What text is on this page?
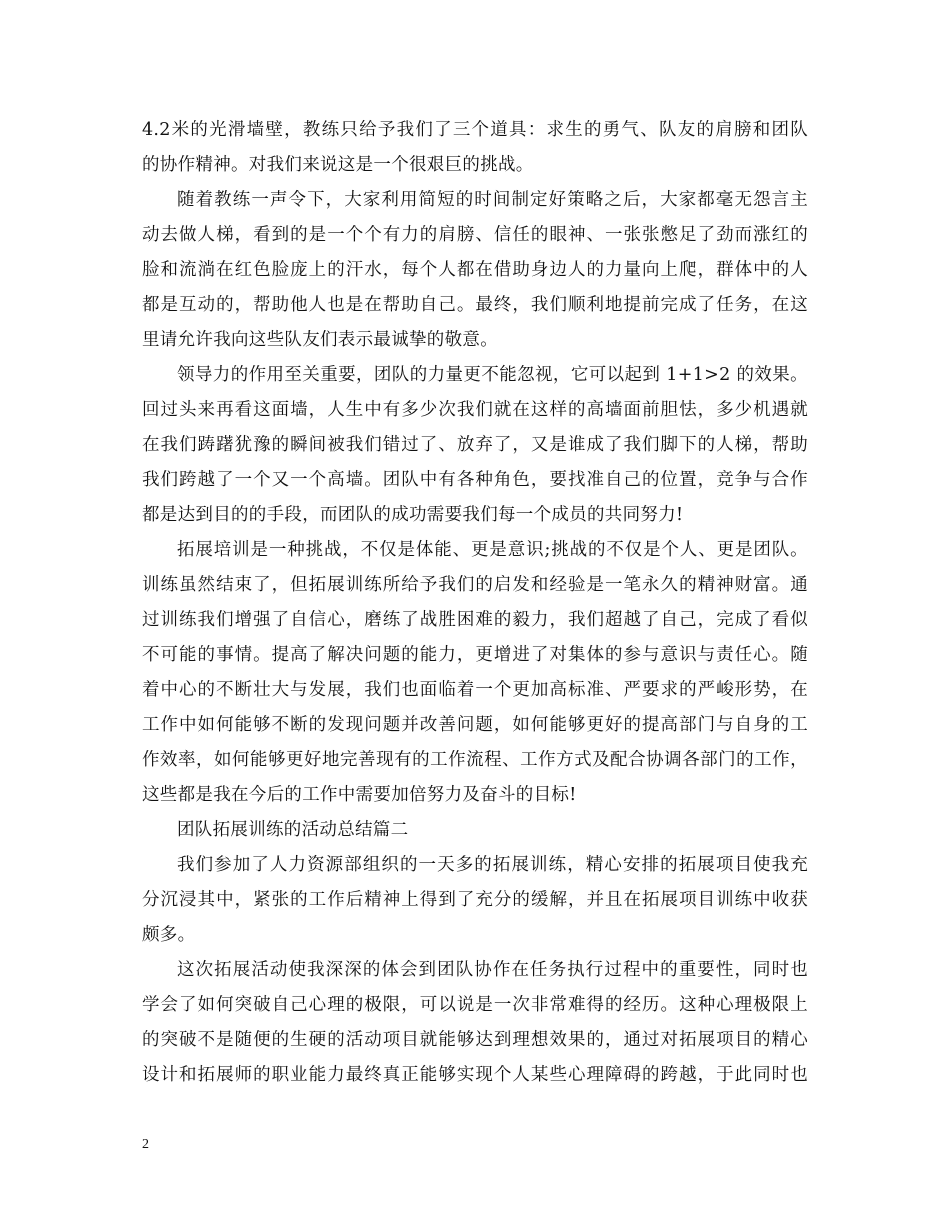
4.2米的光滑墙壁，教练只给予我们了三个道具：求生的勇气、队友的肩膀和团队
的协作精神。对我们来说这是一个很艰巨的挑战。
随着教练一声令下，大家利用简短的时间制定好策略之后，大家都毫无怨言主
动去做人梯，看到的是一个个有力的肩膀、信任的眼神、一张张憋足了劲而涨红的
脸和流淌在红色脸庞上的汗水，每个人都在借助身边人的力量向上爬，群体中的人
都是互动的，帮助他人也是在帮助自己。最终，我们顺利地提前完成了任务，在这
里请允许我向这些队友们表示最诚挚的敬意。
领导力的作用至关重要，团队的力量更不能忽视，它可以起到 1+1>2 的效果。
回过头来再看这面墙，人生中有多少次我们就在这样的高墙面前胆怯，多少机遇就
在我们踌躇犹豫的瞬间被我们错过了、放弃了，又是谁成了我们脚下的人梯，帮助
我们跨越了一个又一个高墙。团队中有各种角色，要找准自己的位置，竞争与合作
都是达到目的的手段，而团队的成功需要我们每一个成员的共同努力!
拓展培训是一种挑战，不仅是体能、更是意识;挑战的不仅是个人、更是团队。
训练虽然结束了，但拓展训练所给予我们的启发和经验是一笔永久的精神财富。通
过训练我们增强了自信心，磨练了战胜困难的毅力，我们超越了自己，完成了看似
不可能的事情。提高了解决问题的能力，更增进了对集体的参与意识与责任心。随
着中心的不断壮大与发展，我们也面临着一个更加高标准、严要求的严峻形势，在
工作中如何能够不断的发现问题并改善问题，如何能够更好的提高部门与自身的工
作效率，如何能够更好地完善现有的工作流程、工作方式及配合协调各部门的工作，
这些都是我在今后的工作中需要加倍努力及奋斗的目标!
团队拓展训练的活动总结篇二
我们参加了人力资源部组织的一天多的拓展训练，精心安排的拓展项目使我充
分沉浸其中，紧张的工作后精神上得到了充分的缓解，并且在拓展项目训练中收获
颇多。
这次拓展活动使我深深的体会到团队协作在任务执行过程中的重要性，同时也
学会了如何突破自己心理的极限，可以说是一次非常难得的经历。这种心理极限上
的突破不是随便的生硬的活动项目就能够达到理想效果的，通过对拓展项目的精心
设计和拓展师的职业能力最终真正能够实现个人某些心理障碍的跨越，于此同时也
2
